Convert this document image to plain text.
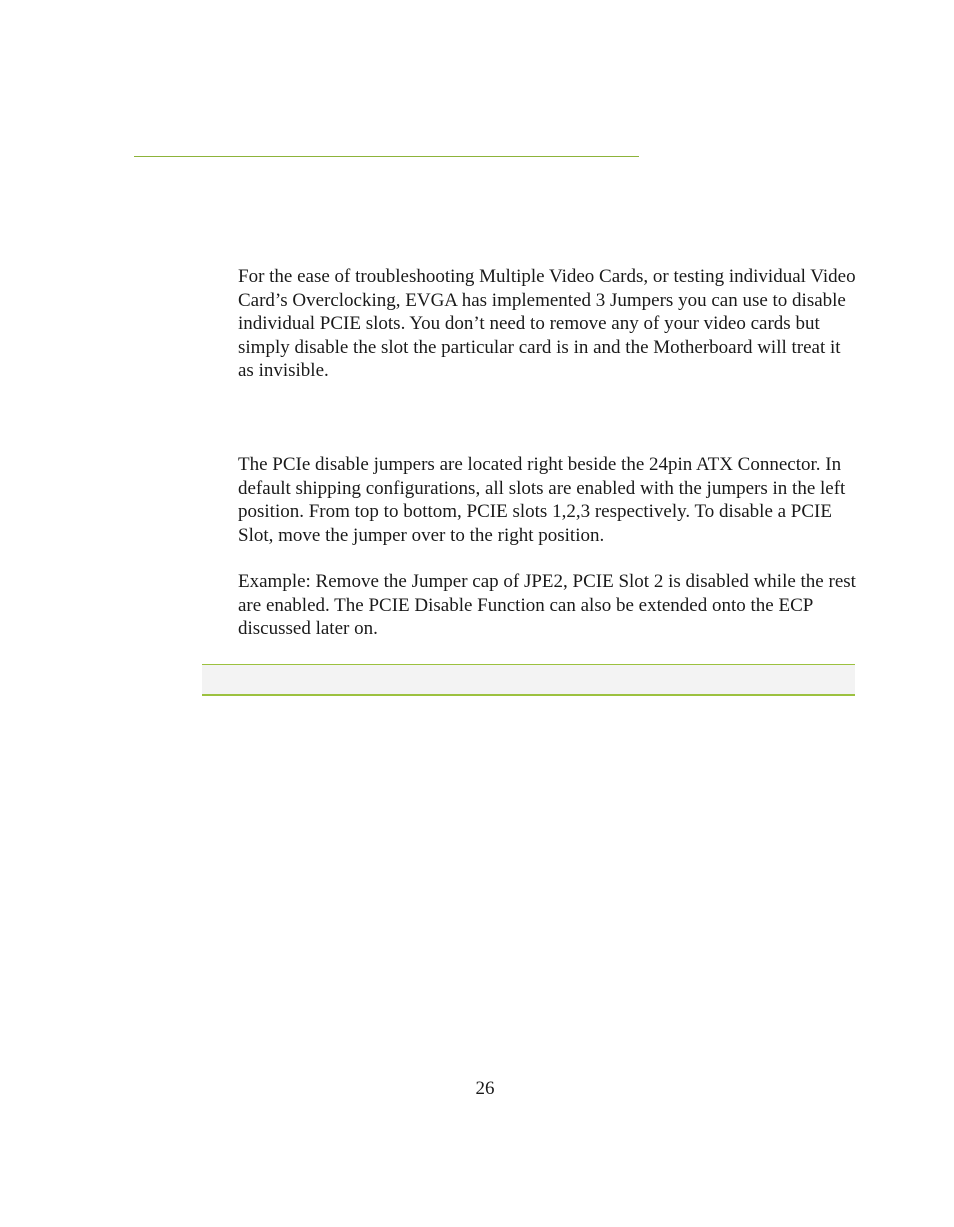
For the ease of troubleshooting Multiple Video Cards, or testing individual Video Card’s Overclocking, EVGA has implemented 3 Jumpers you can use to disable individual PCIE slots. You don’t need to remove any of your video cards but simply disable the slot the particular card is in and the Motherboard will treat it as invisible.

The PCIe disable jumpers are located right beside the 24pin ATX Connector. In default shipping configurations, all slots are enabled with the jumpers in the left position. From top to bottom, PCIE slots 1,2,3 respectively. To disable a PCIE Slot, move the jumper over to the right position.

Example: Remove the Jumper cap of JPE2, PCIE Slot 2 is disabled while the rest are enabled. The PCIE Disable Function can also be extended onto the ECP discussed later on.

26
